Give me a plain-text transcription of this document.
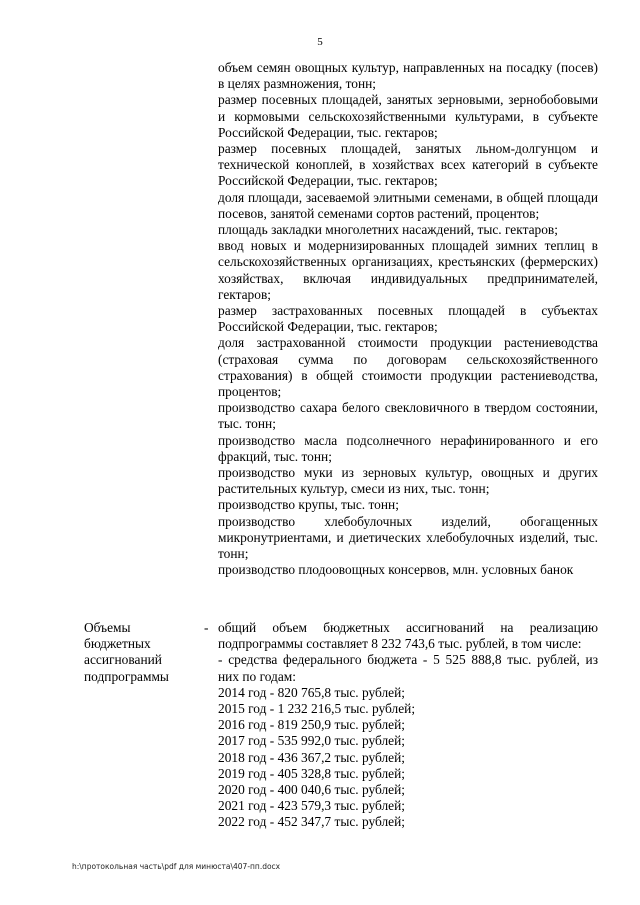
5

объем семян овощных культур, направленных на посадку (посев) в целях размножения, тонн;

размер посевных площадей, занятых зерновыми, зернобобовыми и кормовыми сельскохозяйственными культурами, в субъекте Российской Федерации, тыс. гектаров;

размер посевных площадей, занятых льном-долгунцом и технической коноплей, в хозяйствах всех категорий в субъекте Российской Федерации, тыс. гектаров;

доля площади, засеваемой элитными семенами, в общей площади посевов, занятой семенами сортов растений, процентов;

площадь закладки многолетних насаждений, тыс. гектаров;

ввод новых и модернизированных площадей зимних теплиц в сельскохозяйственных организациях, крестьянских (фермерских) хозяйствах, включая индивидуальных предпринимателей, гектаров;

размер застрахованных посевных площадей в субъектах Российской Федерации, тыс. гектаров;

доля застрахованной стоимости продукции растениеводства (страховая сумма по договорам сельскохозяйственного страхования) в общей стоимости продукции растениеводства, процентов;

производство сахара белого свекловичного в твердом состоянии, тыс. тонн;

производство масла подсолнечного нерафинированного и его фракций, тыс. тонн;

производство муки из зерновых культур, овощных и других растительных культур, смеси из них, тыс. тонн;

производство крупы, тыс. тонн;

производство хлебобулочных изделий, обогащенных микронутриентами, и диетических хлебобулочных изделий, тыс. тонн;

производство плодоовощных консервов, млн. условных банок

Объемы бюджетных ассигнований подпрограммы
- общий объем бюджетных ассигнований на реализацию подпрограммы составляет 8 232 743,6 тыс. рублей, в том числе:

- средства федерального бюджета - 5 525 888,8 тыс. рублей, из них по годам:

2014 год - 820 765,8 тыс. рублей;

2015 год - 1 232 216,5 тыс. рублей;

2016 год - 819 250,9 тыс. рублей;

2017 год - 535 992,0 тыс. рублей;

2018 год - 436 367,2 тыс. рублей;

2019 год - 405 328,8 тыс. рублей;

2020 год - 400 040,6 тыс. рублей;

2021 год - 423 579,3 тыс. рублей;

2022 год - 452 347,7 тыс. рублей;

h:\протокольная часть\pdf для минюста\407-пп.docx
